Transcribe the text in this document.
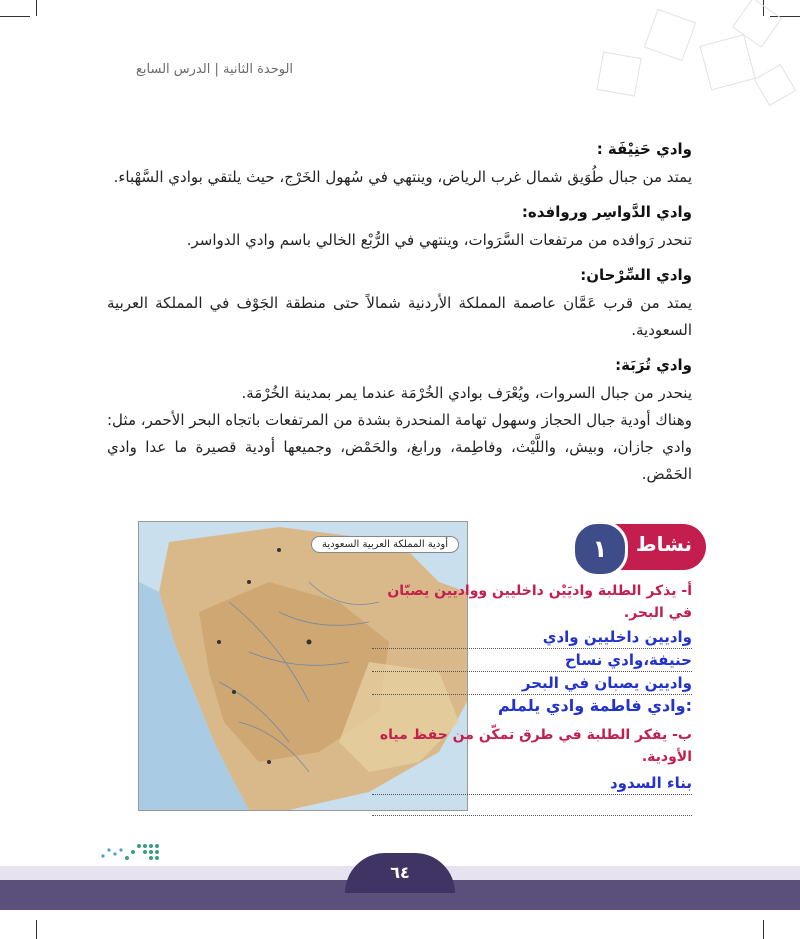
الوحدة الثانية | الدرس السابع
وادي حَنِيْفَة :

يمتد من جبال طُوَيق شمال غرب الرياض، وينتهي في سُهول الخَرْج، حيث يلتقي بوادي السَّهْباء.

وادي الدَّواسِر وروافده:

تنحدر رَوافده من مرتفعات السَّرَوات، وينتهي في الرُّبْع الخالي باسم وادي الدواسر.

وادي السِّرْحان:

يمتد من قرب عَمَّان عاصمة المملكة الأردنية شمالاً حتى منطقة الجَوْف في المملكة العربية السعودية.

وادي تُرَبَة:

ينحدر من جبال السروات، ويُعْرَف بوادي الخُرْمَة عندما يمر بمدينة الخُرْمَة.

وهناك أودية جبال الحجاز وسهول تهامة المنحدرة بشدة من المرتفعات باتجاه البحر الأحمر، مثل: وادي جازان، وبيش، واللَّيْث، وفاطِمة، ورابغ، والحَمْض، وجميعها أودية قصيرة ما عدا وادي الحَمْض.

أودية المملكة العربية السعودية	نشاط
١
أ- يذكر الطلبة واديَيْن داخليين وواديين يصبّان في البحر.
واديين داخليين وادي
حنيفة،وادي نساح
واديين يصبان في البحر
:وادي فاطمة وادي يلملم
ب- يفكر الطلبة في طرق تمكّن من حفظ مياه الأودية.
بناء السدود
٦٤
